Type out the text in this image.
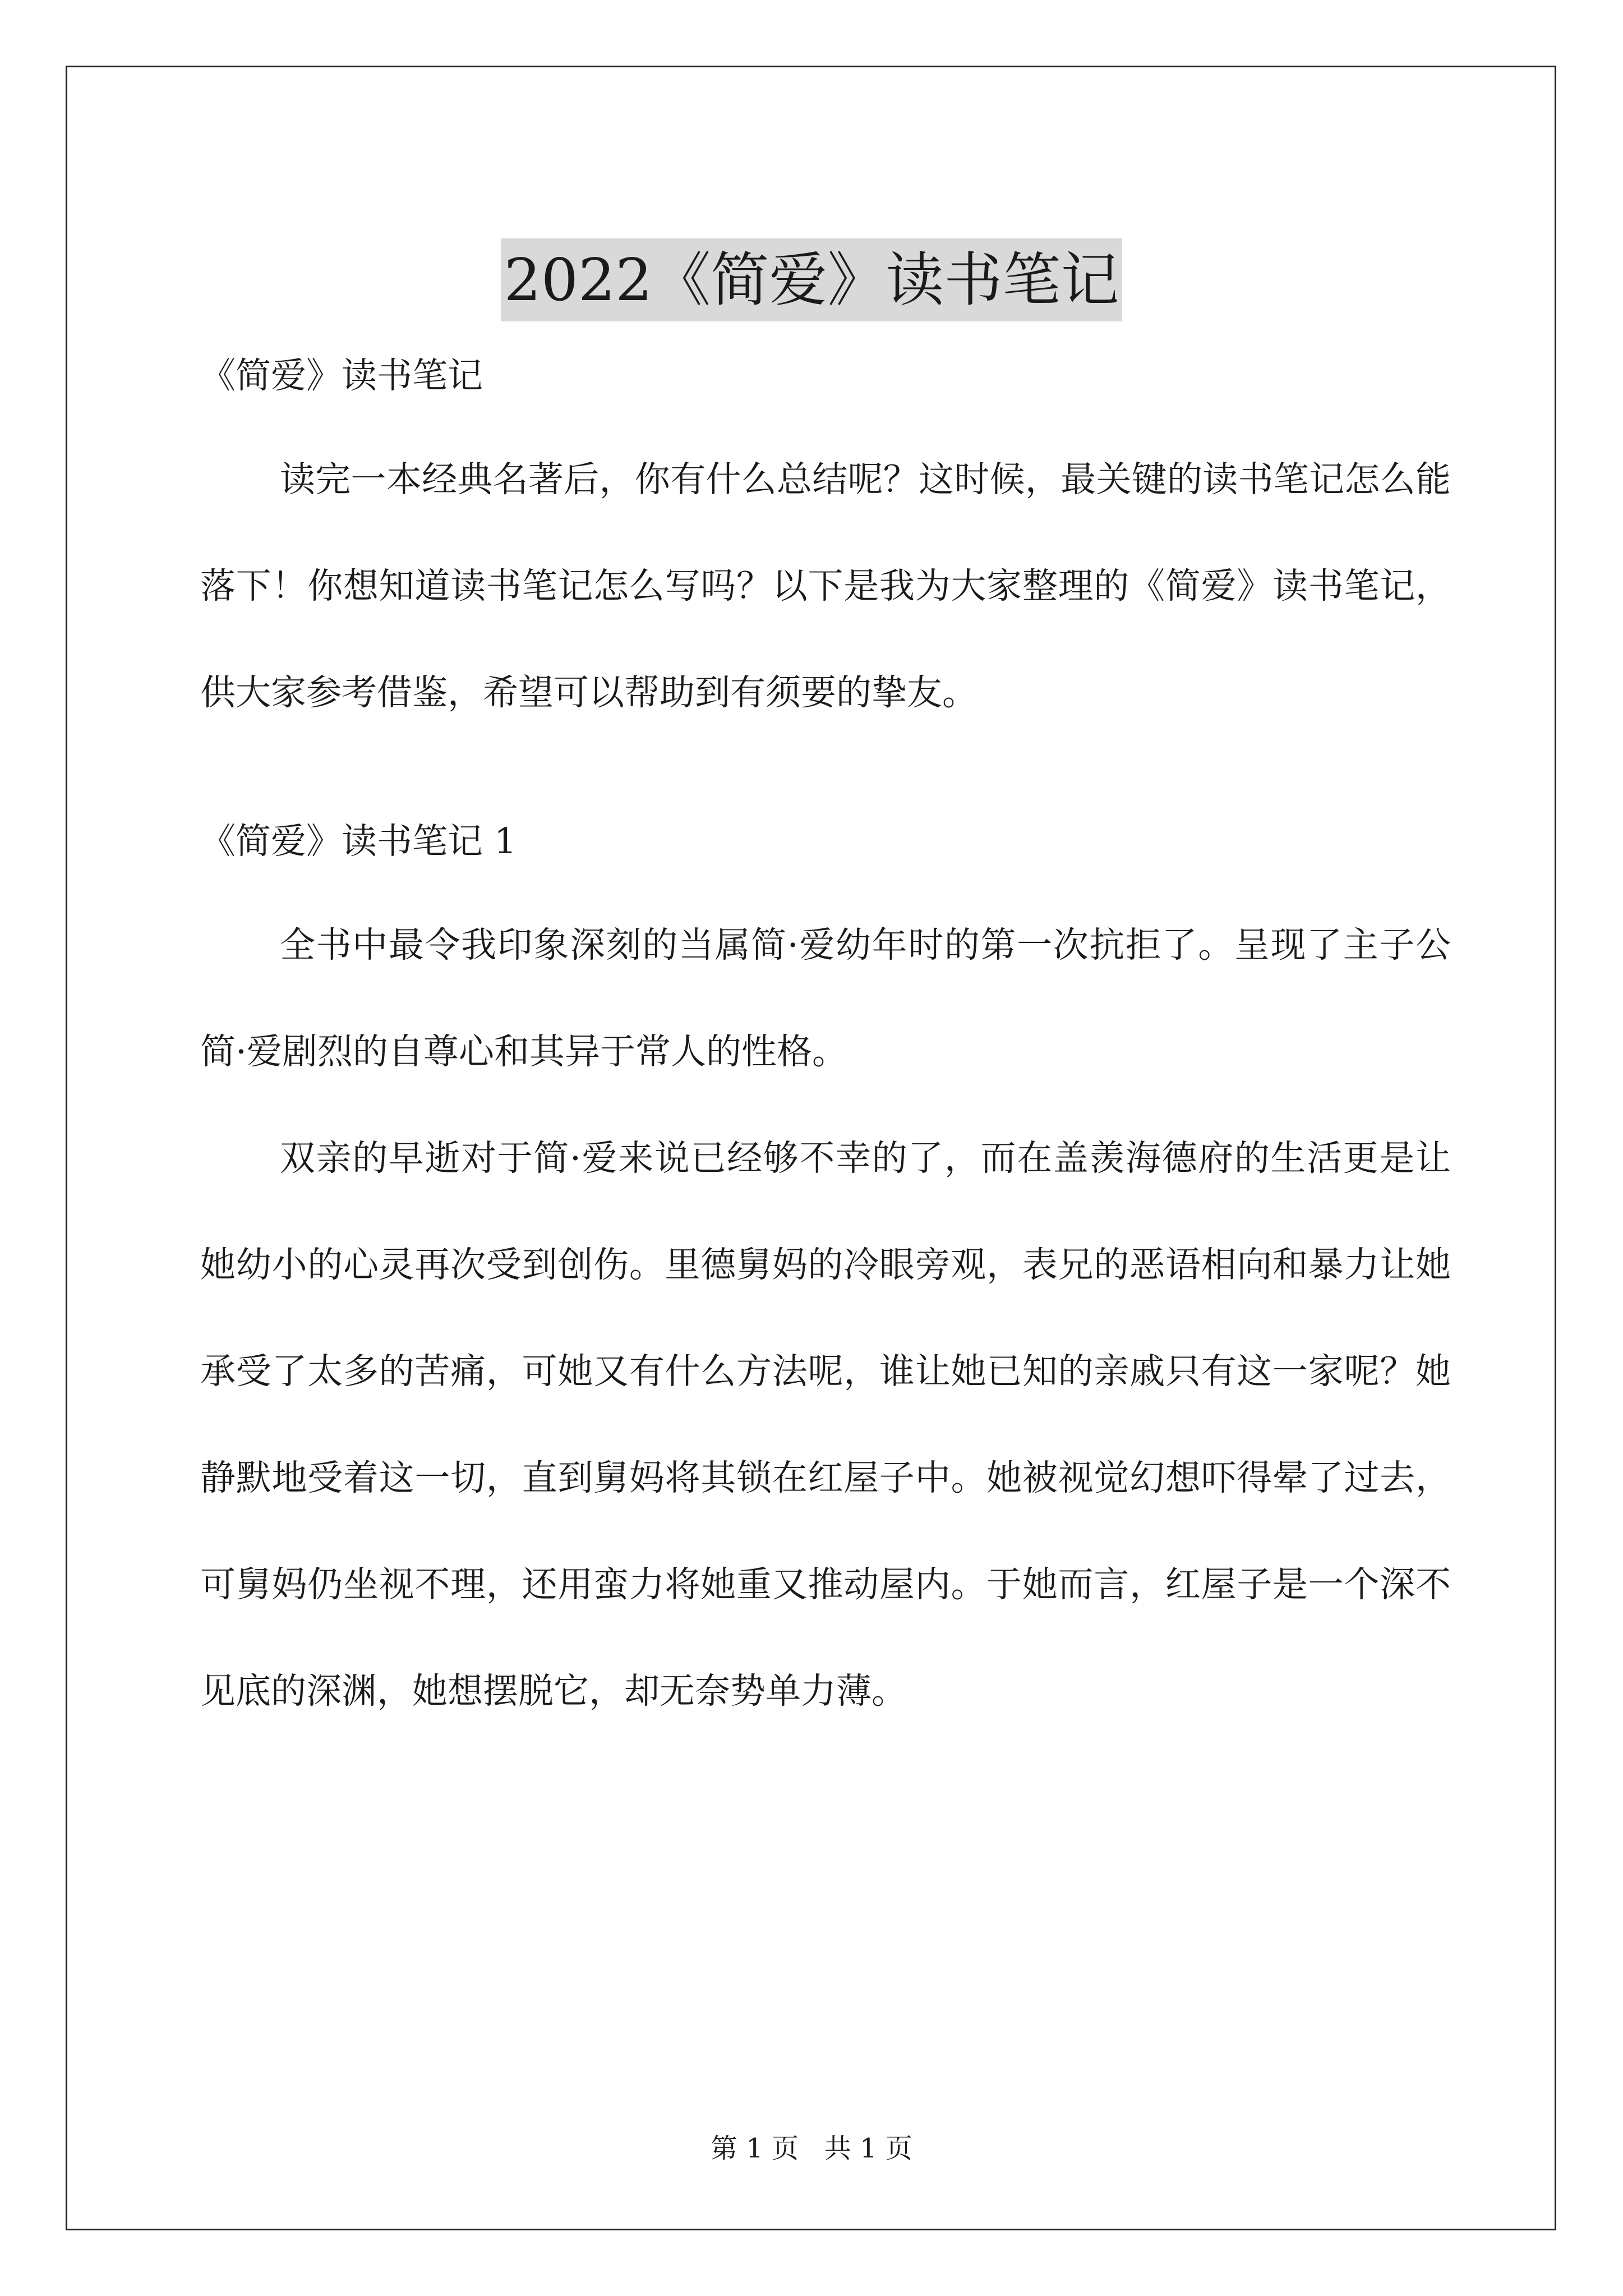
2022《简爱》读书笔记

《简爱》读书笔记

读完一本经典名著后，你有什么总结呢？这时候，最关键的读书笔记怎么能落下！你想知道读书笔记怎么写吗？以下是我为大家整理的《简爱》读书笔记，供大家参考借鉴，希望可以帮助到有须要的挚友。

《简爱》读书笔记 1

全书中最令我印象深刻的当属简·爱幼年时的第一次抗拒了。呈现了主子公简·爱剧烈的自尊心和其异于常人的性格。

双亲的早逝对于简·爱来说已经够不幸的了，而在盖羡海德府的生活更是让她幼小的心灵再次受到创伤。里德舅妈的冷眼旁观，表兄的恶语相向和暴力让她承受了太多的苦痛，可她又有什么方法呢，谁让她已知的亲戚只有这一家呢？她静默地受着这一切，直到舅妈将其锁在红屋子中。她被视觉幻想吓得晕了过去，可舅妈仍坐视不理，还用蛮力将她重又推动屋内。于她而言，红屋子是一个深不见底的深渊，她想摆脱它，却无奈势单力薄。

第 1 页   共 1 页
